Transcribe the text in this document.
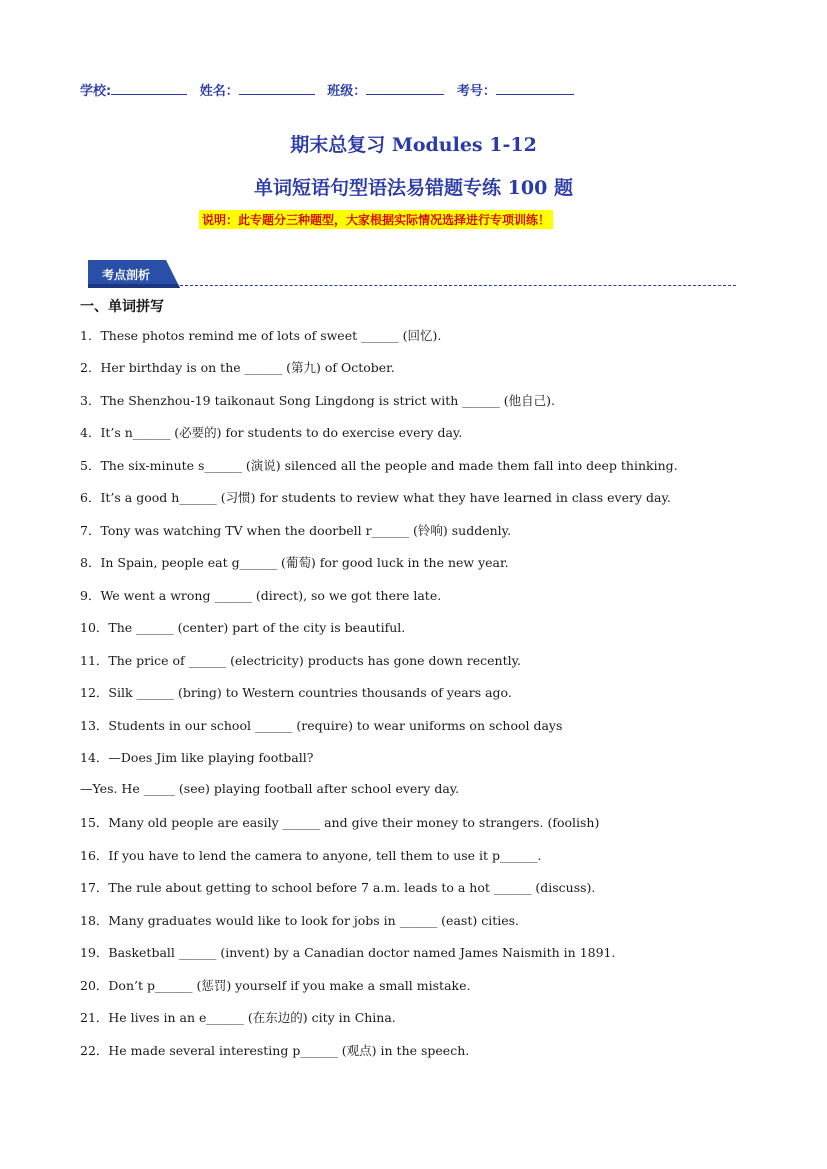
学校:	姓名：	班级：	考号：
期末总复习 Modules 1-12
单词短语句型语法易错题专练 100 题
说明：此专题分三种题型，大家根据实际情况选择进行专项训练！
考点剖析
一、单词拼写
1．These photos remind me of lots of sweet ______ (回忆).
2．Her birthday is on the ______ (第九) of October.
3．The Shenzhou-19 taikonaut Song Lingdong is strict with ______ (他自己).
4．It’s n______ (必要的) for students to do exercise every day.
5．The six-minute s______ (演说) silenced all the people and made them fall into deep thinking.
6．It’s a good h______ (习惯) for students to review what they have learned in class every day.
7．Tony was watching TV when the doorbell r______ (铃响) suddenly.
8．In Spain, people eat g______ (葡萄) for good luck in the new year.
9．We went a wrong ______ (direct), so we got there late.
10．The ______ (center) part of the city is beautiful.
11．The price of ______ (electricity) products has gone down recently.
12．Silk ______ (bring) to Western countries thousands of years ago.
13．Students in our school ______ (require) to wear uniforms on school days
14．—Does Jim like playing football?
—Yes. He _____ (see) playing football after school every day.
15．Many old people are easily ______ and give their money to strangers. (foolish)
16．If you have to lend the camera to anyone, tell them to use it p______.
17．The rule about getting to school before 7 a.m. leads to a hot ______ (discuss).
18．Many graduates would like to look for jobs in ______ (east) cities.
19．Basketball ______ (invent) by a Canadian doctor named James Naismith in 1891.
20．Don’t p______ (惩罚) yourself if you make a small mistake.
21．He lives in an e______ (在东边的) city in China.
22．He made several interesting p______ (观点) in the speech.
